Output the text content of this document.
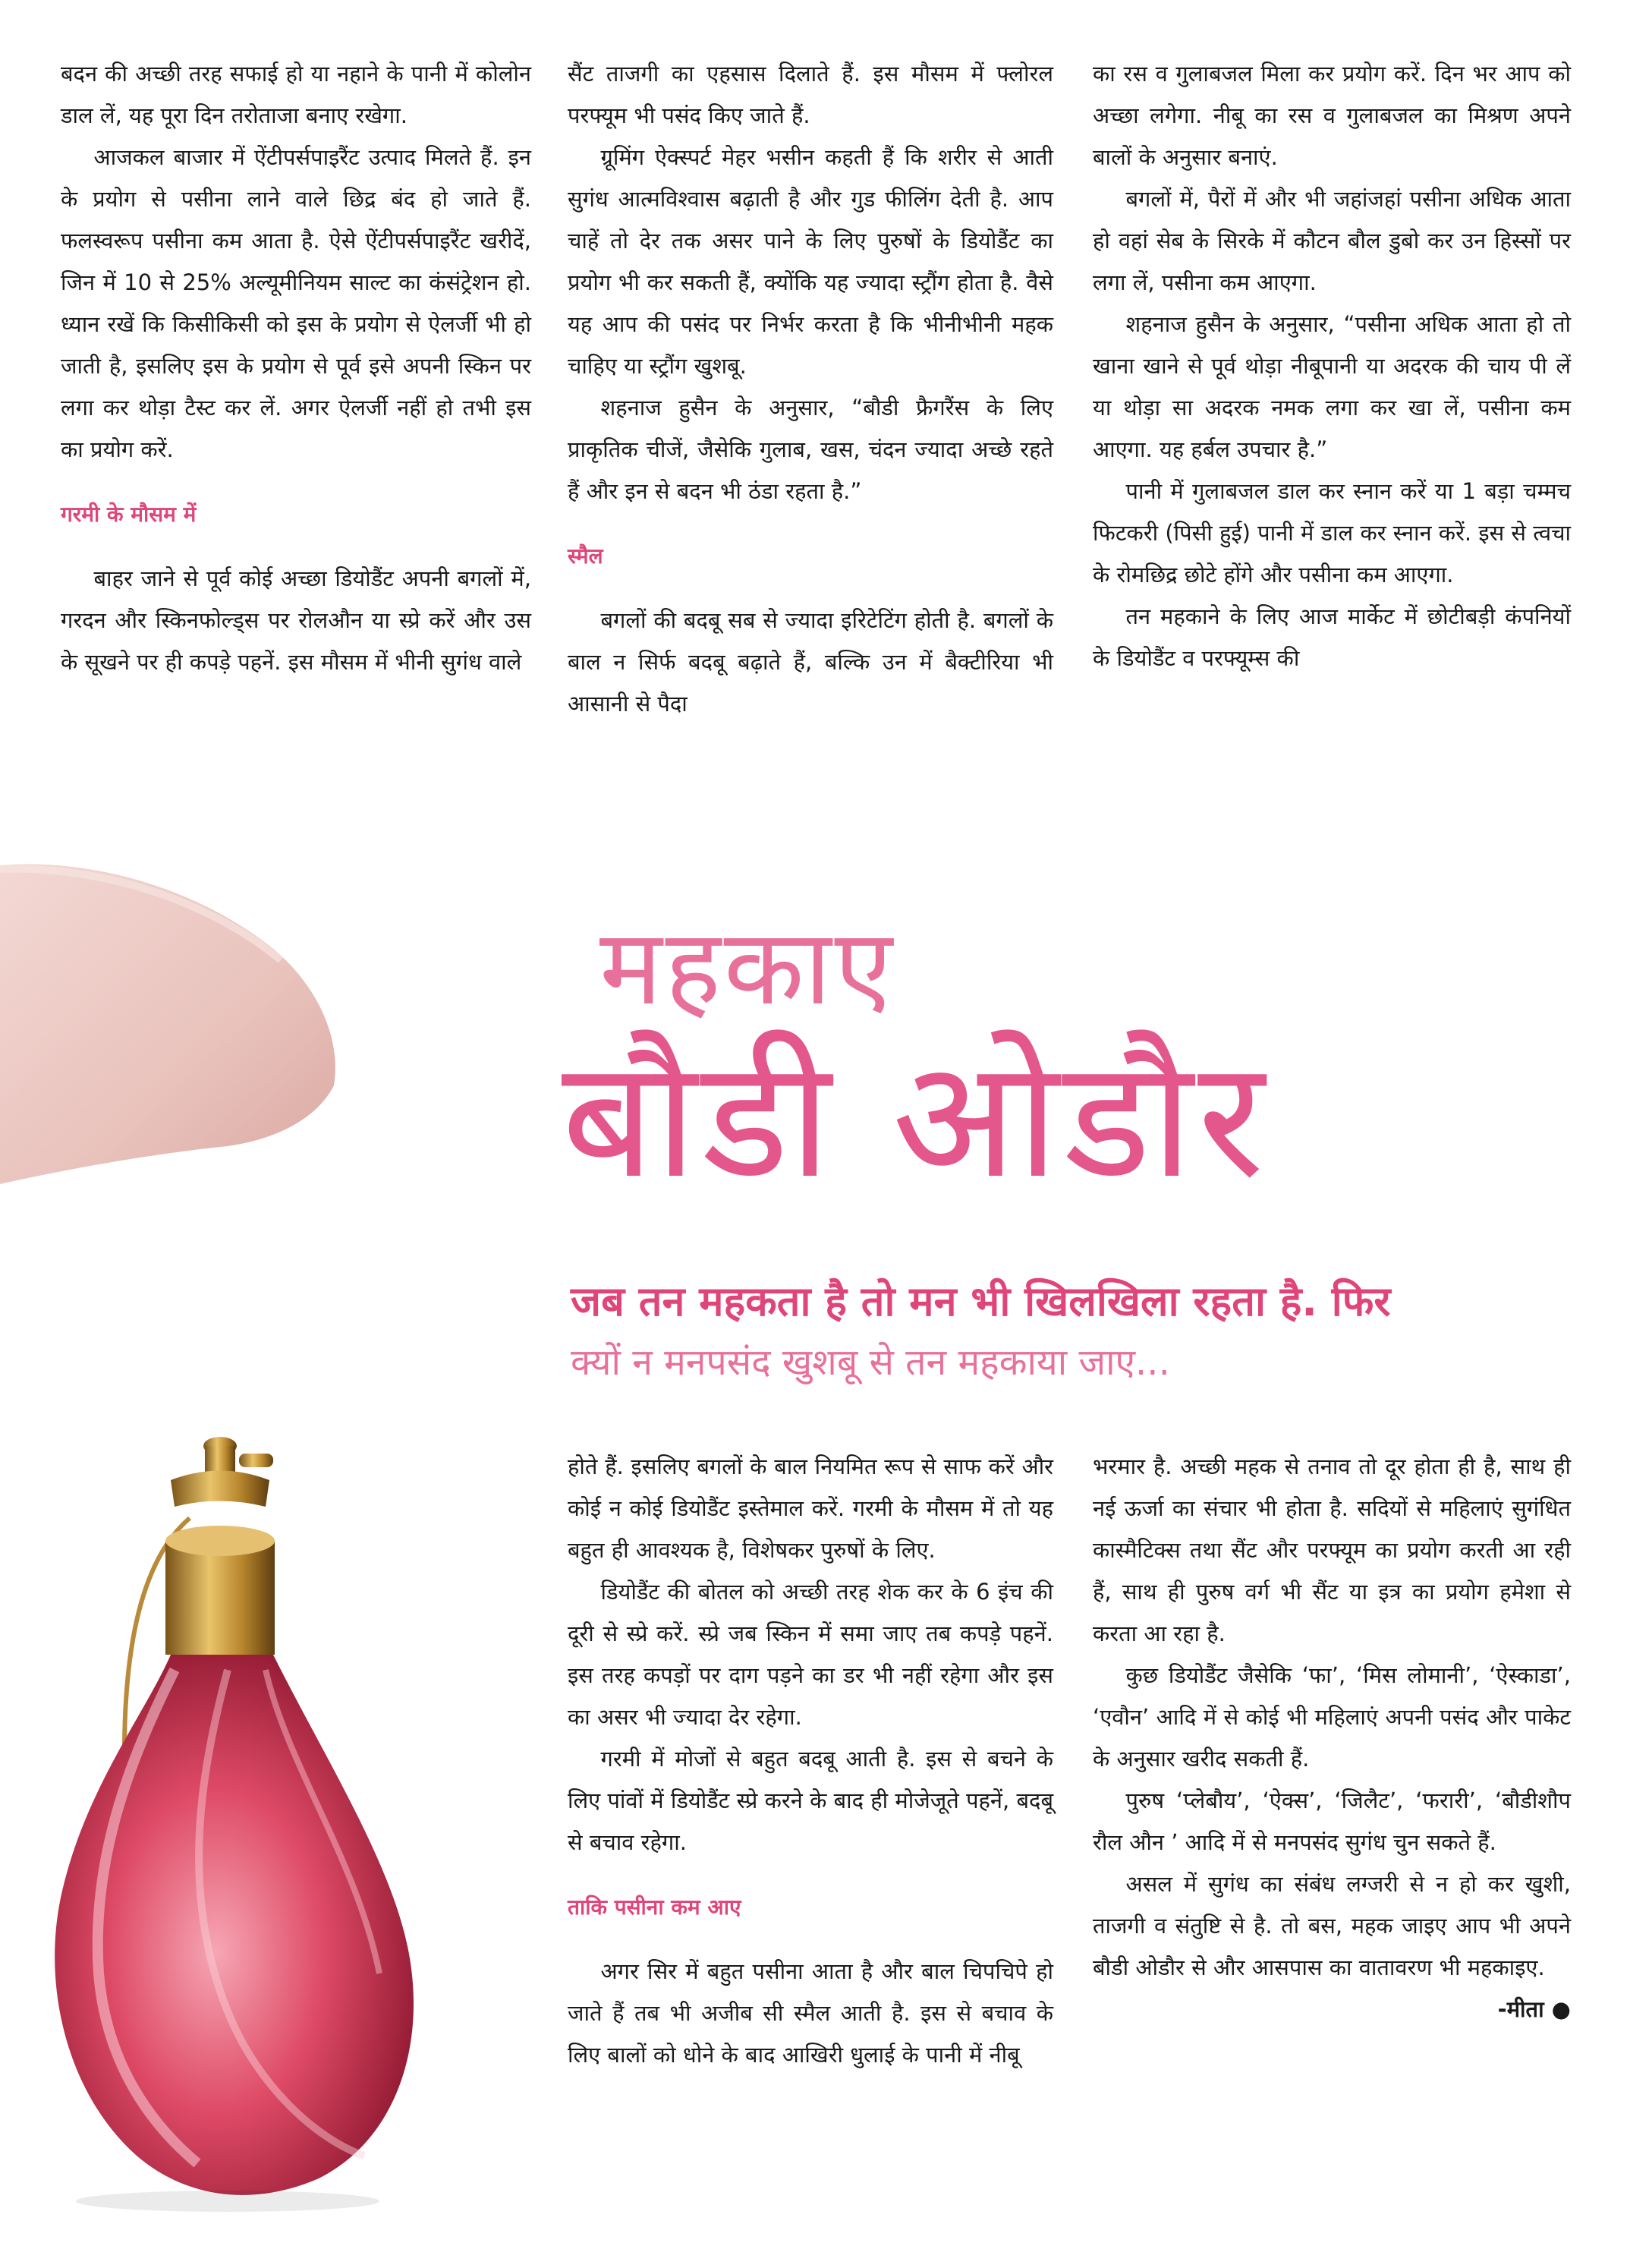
बदन की अच्छी तरह सफाई हो या नहाने के पानी में कोलोन डाल लें, यह पूरा दिन तरोताजा बनाए रखेगा.

आजकल बाजार में ऐंटीपर्सपाइरैंट उत्पाद मिलते हैं. इन के प्रयोग से पसीना लाने वाले छिद्र बंद हो जाते हैं. फलस्वरूप पसीना कम आता है. ऐसे ऐंटीपर्सपाइरैंट खरीदें, जिन में 10 से 25% अल्यूमीनियम साल्ट का कंसंट्रेशन हो. ध्यान रखें कि किसीकिसी को इस के प्रयोग से ऐलर्जी भी हो जाती है, इसलिए इस के प्रयोग से पूर्व इसे अपनी स्किन पर लगा कर थोड़ा टैस्ट कर लें. अगर ऐलर्जी नहीं हो तभी इस का प्रयोग करें.

गरमी के मौसम में

बाहर जाने से पूर्व कोई अच्छा डियोडैंट अपनी बगलों में, गरदन और स्किनफोल्ड्स पर रोलऔन या स्प्रे करें और उस के सूखने पर ही कपड़े पहनें. इस मौसम में भीनी सुगंध वाले

सैंट ताजगी का एहसास दिलाते हैं. इस मौसम में फ्लोरल परफ्यूम भी पसंद किए जाते हैं.

ग्रूमिंग ऐक्स्पर्ट मेहर भसीन कहती हैं कि शरीर से आती सुगंध आत्मविश्वास बढ़ाती है और गुड फीलिंग देती है. आप चाहें तो देर तक असर पाने के लिए पुरुषों के डियोडैंट का प्रयोग भी कर सकती हैं, क्योंकि यह ज्यादा स्ट्रौंग होता है. वैसे यह आप की पसंद पर निर्भर करता है कि भीनीभीनी महक चाहिए या स्ट्रौंग खुशबू.

शहनाज हुसैन के अनुसार, “बौडी फ्रैगरैंस के लिए प्राकृतिक चीजें, जैसेकि गुलाब, खस, चंदन ज्यादा अच्छे रहते हैं और इन से बदन भी ठंडा रहता है.”

स्मैल

बगलों की बदबू सब से ज्यादा इरिटेटिंग होती है. बगलों के बाल न सिर्फ बदबू बढ़ाते हैं, बल्कि उन में बैक्टीरिया भी आसानी से पैदा

का रस व गुलाबजल मिला कर प्रयोग करें. दिन भर आप को अच्छा लगेगा. नीबू का रस व गुलाबजल का मिश्रण अपने बालों के अनुसार बनाएं.

बगलों में, पैरों में और भी जहांजहां पसीना अधिक आता हो वहां सेब के सिरके में कौटन बौल डुबो कर उन हिस्सों पर लगा लें, पसीना कम आएगा.

शहनाज हुसैन के अनुसार, “पसीना अधिक आता हो तो खाना खाने से पूर्व थोड़ा नीबूपानी या अदरक की चाय पी लें या थोड़ा सा अदरक नमक लगा कर खा लें, पसीना कम आएगा. यह हर्बल उपचार है.”

पानी में गुलाबजल डाल कर स्नान करें या 1 बड़ा चम्मच फिटकरी (पिसी हुई) पानी में डाल कर स्नान करें. इस से त्वचा के रोमछिद्र छोटे होंगे और पसीना कम आएगा.

तन महकाने के लिए आज मार्केट में छोटीबड़ी कंपनियों के डियोडैंट व परफ्यूम्स की

महकाए
बौडी ओडौर
जब तन महकता है तो मन भी खिलखिला रहता है. फिर
क्यों न मनपसंद खुशबू से तन महकाया जाए...

होते हैं. इसलिए बगलों के बाल नियमित रूप से साफ करें और कोई न कोई डियोडैंट इस्तेमाल करें. गरमी के मौसम में तो यह बहुत ही आवश्यक है, विशेषकर पुरुषों के लिए.

डियोडैंट की बोतल को अच्छी तरह शेक कर के 6 इंच की दूरी से स्प्रे करें. स्प्रे जब स्किन में समा जाए तब कपड़े पहनें. इस तरह कपड़ों पर दाग पड़ने का डर भी नहीं रहेगा और इस का असर भी ज्यादा देर रहेगा.

गरमी में मोजों से बहुत बदबू आती है. इस से बचने के लिए पांवों में डियोडैंट स्प्रे करने के बाद ही मोजेजूते पहनें, बदबू से बचाव रहेगा.

ताकि पसीना कम आए

अगर सिर में बहुत पसीना आता है और बाल चिपचिपे हो जाते हैं तब भी अजीब सी स्मैल आती है. इस से बचाव के लिए बालों को धोने के बाद आखिरी धुलाई के पानी में नीबू

भरमार है. अच्छी महक से तनाव तो दूर होता ही है, साथ ही नई ऊर्जा का संचार भी होता है. सदियों से महिलाएं सुगंधित कास्मैटिक्स तथा सैंट और परफ्यूम का प्रयोग करती आ रही हैं, साथ ही पुरुष वर्ग भी सैंट या इत्र का प्रयोग हमेशा से करता आ रहा है.

कुछ डियोडैंट जैसेकि ‘फा’, ‘मिस लोमानी’, ‘ऐस्काडा’, ‘एवौन’ आदि में से कोई भी महिलाएं अपनी पसंद और पाकेट के अनुसार खरीद सकती हैं.

पुरुष ‘प्लेबौय’, ‘ऐक्स’, ‘जिलैट’, ‘फरारी’, ‘बौडीशौप रौल औन ’ आदि में से मनपसंद सुगंध चुन सकते हैं.

असल में सुगंध का संबंध लग्जरी से न हो कर खुशी, ताजगी व संतुष्टि से है. तो बस, महक जाइए आप भी अपने बौडी ओडौर से और आसपास का वातावरण भी महकाइए.

-मीता ●
